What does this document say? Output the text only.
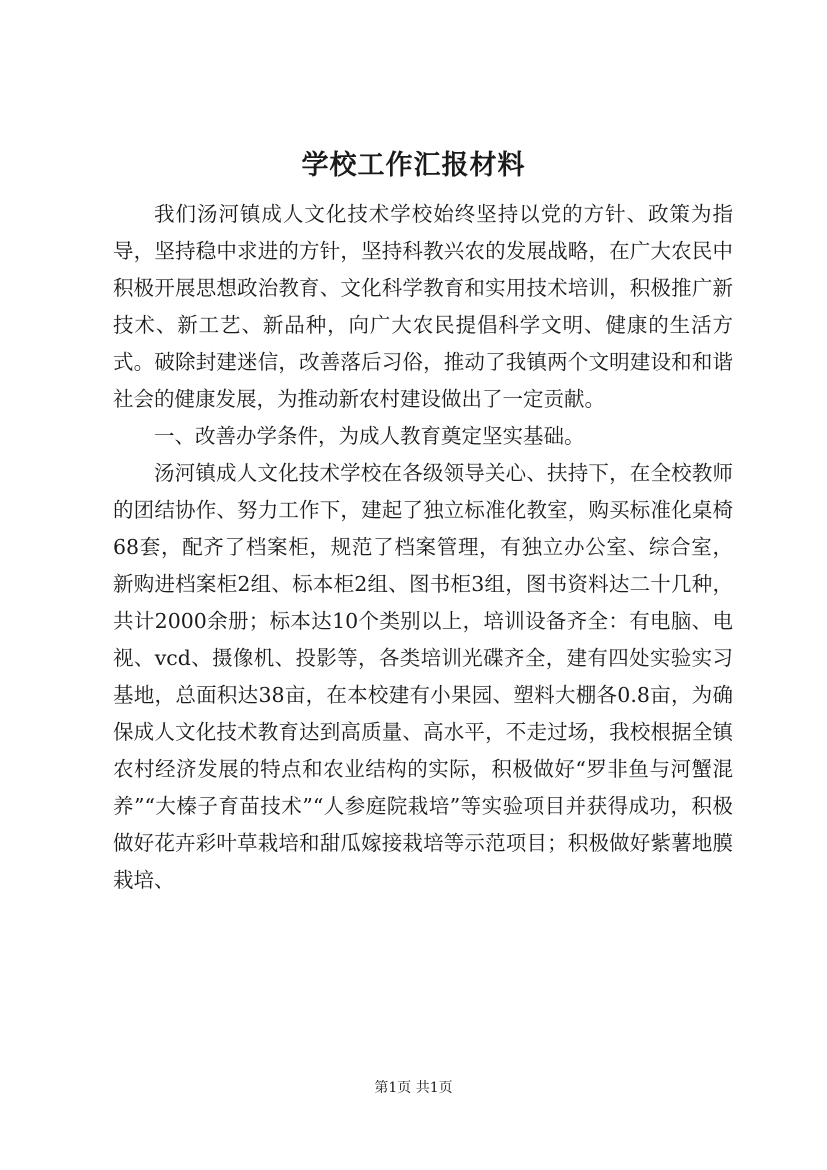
学校工作汇报材料

我们汤河镇成人文化技术学校始终坚持以党的方针、政策为指导，坚持稳中求进的方针，坚持科教兴农的发展战略，在广大农民中积极开展思想政治教育、文化科学教育和实用技术培训，积极推广新技术、新工艺、新品种，向广大农民提倡科学文明、健康的生活方式。破除封建迷信，改善落后习俗，推动了我镇两个文明建设和和谐社会的健康发展，为推动新农村建设做出了一定贡献。

一、改善办学条件，为成人教育奠定坚实基础。

汤河镇成人文化技术学校在各级领导关心、扶持下，在全校教师的团结协作、努力工作下，建起了独立标准化教室，购买标准化桌椅68套，配齐了档案柜，规范了档案管理，有独立办公室、综合室，新购进档案柜2组、标本柜2组、图书柜3组，图书资料达二十几种，共计2000余册；标本达10个类别以上，培训设备齐全：有电脑、电视、vcd、摄像机、投影等，各类培训光碟齐全，建有四处实验实习基地，总面积达38亩，在本校建有小果园、塑料大棚各0.8亩，为确保成人文化技术教育达到高质量、高水平，不走过场，我校根据全镇农村经济发展的特点和农业结构的实际，积极做好“罗非鱼与河蟹混养”“大榛子育苗技术”“人参庭院栽培”等实验项目并获得成功，积极做好花卉彩叶草栽培和甜瓜嫁接栽培等示范项目；积极做好紫薯地膜栽培、

第1页 共1页
